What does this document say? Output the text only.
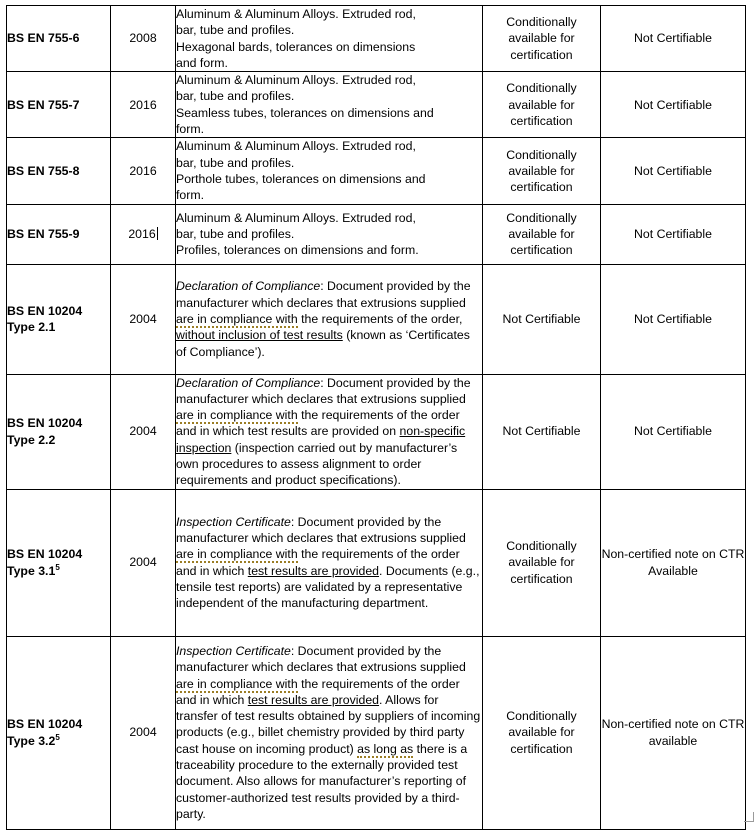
BS EN 755-6	2008	Aluminum & Aluminum Alloys. Extruded rod,
bar, tube and profiles.
Hexagonal bards, tolerances on dimensions
and form.	Conditionally available for certification	Not Certifiable
BS EN 755-7	2016	Aluminum & Aluminum Alloys. Extruded rod,
bar, tube and profiles.
Seamless tubes, tolerances on dimensions and
form.	Conditionally available for certification	Not Certifiable
BS EN 755-8	2016	Aluminum & Aluminum Alloys. Extruded rod,
bar, tube and profiles.
Porthole tubes, tolerances on dimensions and
form.	Conditionally available for certification	Not Certifiable
BS EN 755-9	2016	Aluminum & Aluminum Alloys. Extruded rod,
bar, tube and profiles.
Profiles, tolerances on dimensions and form.	Conditionally available for certification	Not Certifiable

BS EN 10204
Type 2.1	2004	Declaration of Compliance: Document provided by the manufacturer which declares that extrusions supplied are in compliance with the requirements of the order, without inclusion of test results (known as ‘Certificates of Compliance’).	Not Certifiable	Not Certifiable

BS EN 10204
Type 2.2	2004	Declaration of Compliance: Document provided by the manufacturer which declares that extrusions supplied are in compliance with the requirements of the order and in which test results are provided on non-specific inspection (inspection carried out by manufacturer’s own procedures to assess alignment to order requirements and product specifications).	Not Certifiable	Not Certifiable

BS EN 10204
Type $3.1^5$	2004	Inspection Certificate: Document provided by the manufacturer which declares that extrusions supplied are in compliance with the requirements of the order and in which test results are provided. Documents (e.g., tensile test reports) are validated by a representative independent of the manufacturing department.	Conditionally available for certification	Non-certified note on CTR Available

BS EN 10204
Type $3.2^5$	2004	Inspection Certificate: Document provided by the manufacturer which declares that extrusions supplied are in compliance with the requirements of the order and in which test results are provided. Allows for transfer of test results obtained by suppliers of incoming products (e.g., billet chemistry provided by third party cast house on incoming product) as long as there is a traceability procedure to the externally provided test document. Also allows for manufacturer’s reporting of customer-authorized test results provided by a third-party.	Conditionally available for certification	Non-certified note on CTR available
